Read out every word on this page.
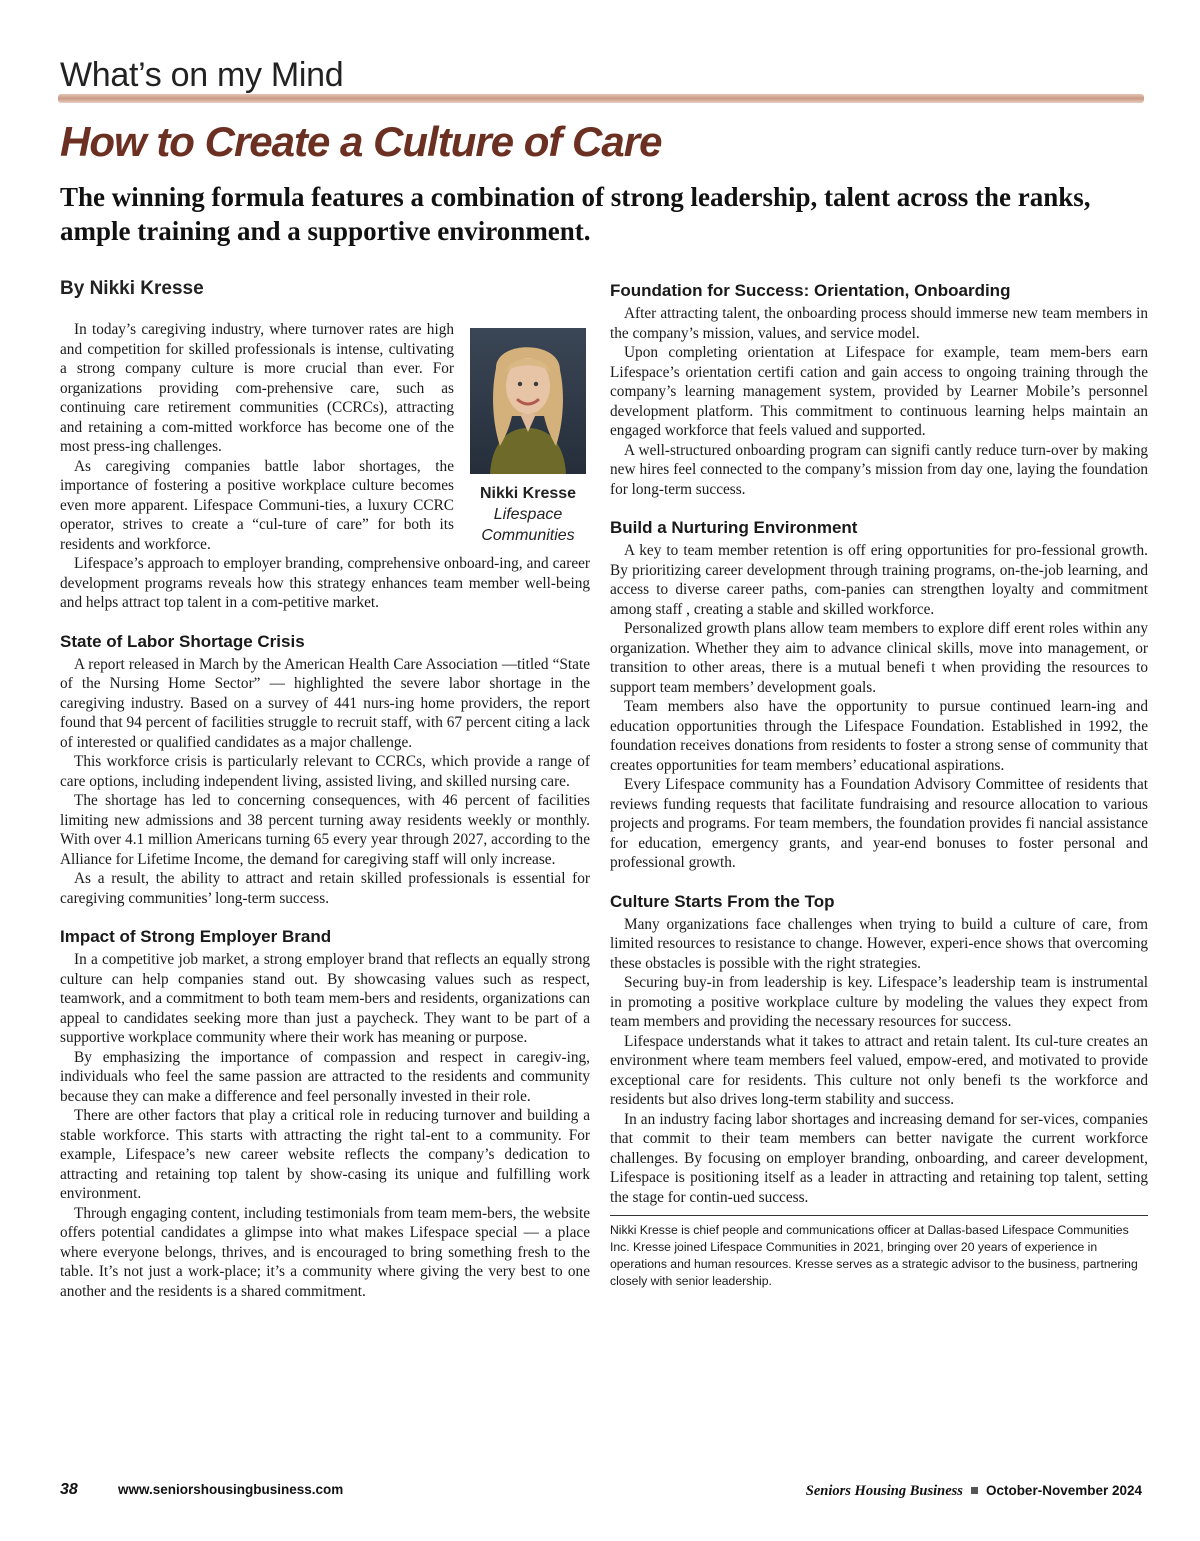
What’s on my Mind
How to Create a Culture of Care

The winning formula features a combination of strong leadership, talent across the ranks, ample training and a supportive environment.

By Nikki Kresse
Nikki Kresse
Lifespace
Communities

In today’s caregiving industry, where turnover rates are high and competition for skilled professionals is intense, cultivating a strong company culture is more crucial than ever. For organizations providing com-prehensive care, such as continuing care retirement communities (CCRCs), attracting and retaining a com-mitted workforce has become one of the most press-ing challenges.

As caregiving companies battle labor shortages, the importance of fostering a positive workplace culture becomes even more apparent. Lifespace Communi-ties, a luxury CCRC operator, strives to create a “cul-ture of care” for both its residents and workforce.

Lifespace’s approach to employer branding, comprehensive onboard-ing, and career development programs reveals how this strategy enhances team member well-being and helps attract top talent in a com-petitive market.

State of Labor Shortage Crisis

A report released in March by the American Health Care Association —titled “State of the Nursing Home Sector” — highlighted the severe labor shortage in the caregiving industry. Based on a survey of 441 nurs-ing home providers, the report found that 94 percent of facilities struggle to recruit staff, with 67 percent citing a lack of interested or qualified candidates as a major challenge.

This workforce crisis is particularly relevant to CCRCs, which provide a range of care options, including independent living, assisted living, and skilled nursing care.

The shortage has led to concerning consequences, with 46 percent of facilities limiting new admissions and 38 percent turning away residents weekly or monthly. With over 4.1 million Americans turning 65 every year through 2027, according to the Alliance for Lifetime Income, the demand for caregiving staff will only increase.

As a result, the ability to attract and retain skilled professionals is essential for caregiving communities’ long-term success.

Impact of Strong Employer Brand

In a competitive job market, a strong employer brand that reflects an equally strong culture can help companies stand out. By showcasing values such as respect, teamwork, and a commitment to both team mem-bers and residents, organizations can appeal to candidates seeking more than just a paycheck. They want to be part of a supportive workplace community where their work has meaning or purpose.

By emphasizing the importance of compassion and respect in caregiv-ing, individuals who feel the same passion are attracted to the residents and community because they can make a difference and feel personally invested in their role.

There are other factors that play a critical role in reducing turnover and building a stable workforce. This starts with attracting the right tal-ent to a community. For example, Lifespace’s new career website reflects the company’s dedication to attracting and retaining top talent by show-casing its unique and fulfilling work environment.

Through engaging content, including testimonials from team mem-bers, the website offers potential candidates a glimpse into what makes Lifespace special — a place where everyone belongs, thrives, and is encouraged to bring something fresh to the table. It’s not just a work-place; it’s a community where giving the very best to one another and the residents is a shared commitment.

Foundation for Success: Orientation, Onboarding

After attracting talent, the onboarding process should immerse new team members in the company’s mission, values, and service model.

Upon completing orientation at Lifespace for example, team mem-bers earn Lifespace’s orientation certifi cation and gain access to ongoing training through the company’s learning management system, provided by Learner Mobile’s personnel development platform. This commitment to continuous learning helps maintain an engaged workforce that feels valued and supported.

A well-structured onboarding program can signifi cantly reduce turn-over by making new hires feel connected to the company’s mission from day one, laying the foundation for long-term success.

Build a Nurturing Environment

A key to team member retention is off ering opportunities for pro-fessional growth. By prioritizing career development through training programs, on-the-job learning, and access to diverse career paths, com-panies can strengthen loyalty and commitment among staff , creating a stable and skilled workforce.

Personalized growth plans allow team members to explore diff erent roles within any organization. Whether they aim to advance clinical skills, move into management, or transition to other areas, there is a mutual benefi t when providing the resources to support team members’ development goals.

Team members also have the opportunity to pursue continued learn-ing and education opportunities through the Lifespace Foundation. Established in 1992, the foundation receives donations from residents to foster a strong sense of community that creates opportunities for team members’ educational aspirations.

Every Lifespace community has a Foundation Advisory Committee of residents that reviews funding requests that facilitate fundraising and resource allocation to various projects and programs. For team members, the foundation provides fi nancial assistance for education, emergency grants, and year-end bonuses to foster personal and professional growth.

Culture Starts From the Top

Many organizations face challenges when trying to build a culture of care, from limited resources to resistance to change. However, experi-ence shows that overcoming these obstacles is possible with the right strategies.

Securing buy-in from leadership is key. Lifespace’s leadership team is instrumental in promoting a positive workplace culture by modeling the values they expect from team members and providing the necessary resources for success.

Lifespace understands what it takes to attract and retain talent. Its cul-ture creates an environment where team members feel valued, empow-ered, and motivated to provide exceptional care for residents. This culture not only benefi ts the workforce and residents but also drives long-term stability and success.

In an industry facing labor shortages and increasing demand for ser-vices, companies that commit to their team members can better navigate the current workforce challenges. By focusing on employer branding, onboarding, and career development, Lifespace is positioning itself as a leader in attracting and retaining top talent, setting the stage for contin-ued success.

Nikki Kresse is chief people and communications officer at Dallas-based Lifespace Communities Inc. Kresse joined Lifespace Communities in 2021, bringing over 20 years of experience in operations and human resources. Kresse serves as a strategic advisor to the business, partnering closely with senior leadership.
38	www.seniorshousingbusiness.com	Seniors Housing Business October-November 2024
